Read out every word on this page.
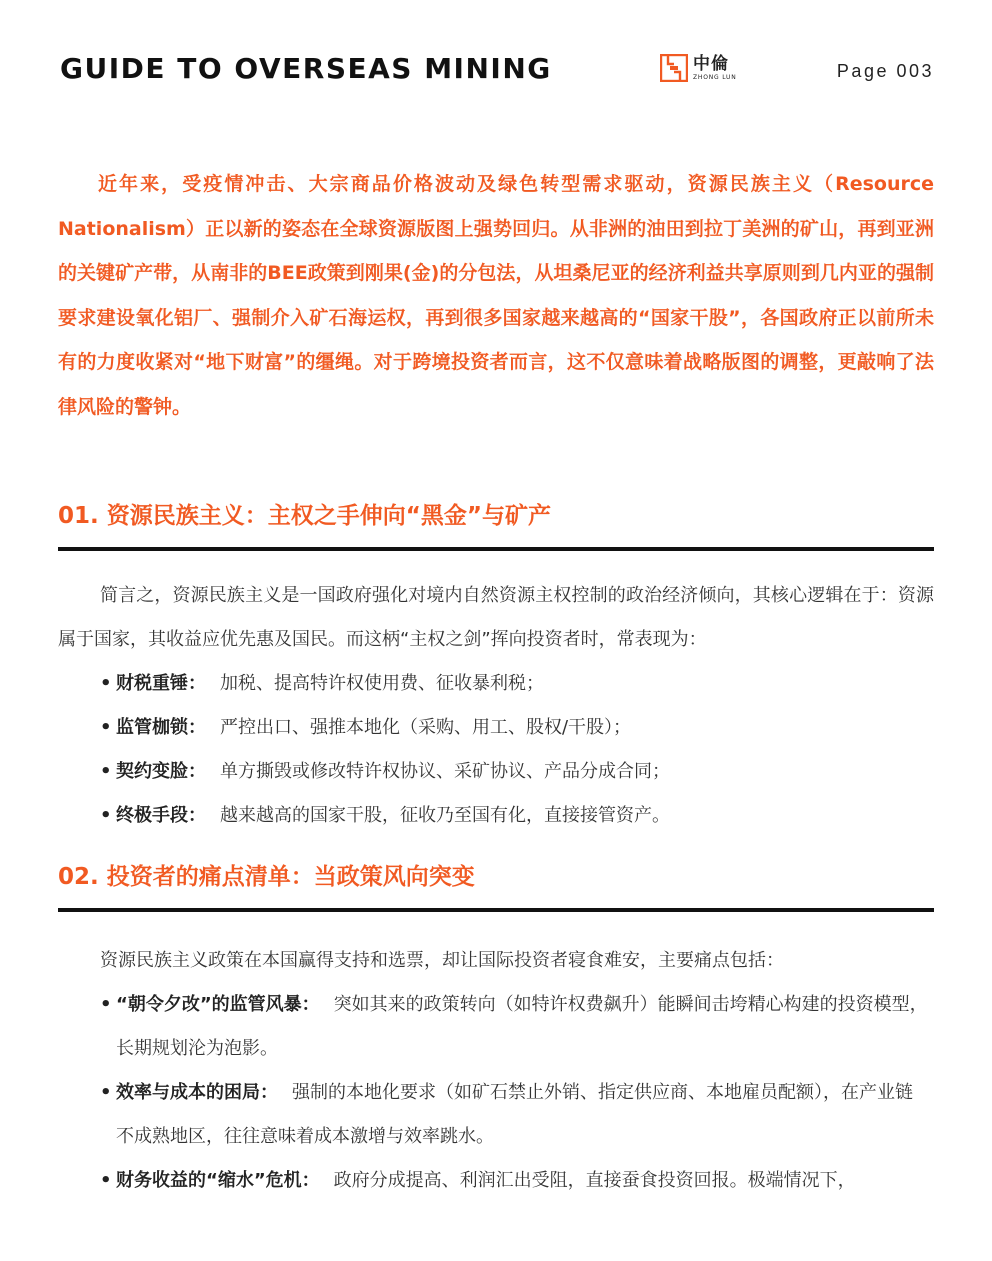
GUIDE TO OVERSEAS MINING	中倫
ZHONG LUN	Page 003
近年来，受疫情冲击、大宗商品价格波动及绿色转型需求驱动，资源民族主义（Resource Nationalism）正以新的姿态在全球资源版图上强势回归。从非洲的油田到拉丁美洲的矿山，再到亚洲的关键矿产带，从南非的BEE政策到刚果(金)的分包法，从坦桑尼亚的经济利益共享原则到几内亚的强制要求建设氧化铝厂、强制介入矿石海运权，再到很多国家越来越高的“国家干股”，各国政府正以前所未有的力度收紧对“地下财富”的缰绳。对于跨境投资者而言，这不仅意味着战略版图的调整，更敲响了法律风险的警钟。
01. 资源民族主义：主权之手伸向“黑金”与矿产
简言之，资源民族主义是一国政府强化对境内自然资源主权控制的政治经济倾向，其核心逻辑在于：资源属于国家，其收益应优先惠及国民。而这柄“主权之剑”挥向投资者时，常表现为：
• 财税重锤： 加税、提高特许权使用费、征收暴利税；
• 监管枷锁： 严控出口、强推本地化（采购、用工、股权/干股）；
• 契约变脸： 单方撕毁或修改特许权协议、采矿协议、产品分成合同；
• 终极手段： 越来越高的国家干股，征收乃至国有化，直接接管资产。
02. 投资者的痛点清单：当政策风向突变
资源民族主义政策在本国赢得支持和选票，却让国际投资者寝食难安，主要痛点包括：
• “朝令夕改”的监管风暴： 突如其来的政策转向（如特许权费飙升）能瞬间击垮精心构建的投资模型，长期规划沦为泡影。
• 效率与成本的困局： 强制的本地化要求（如矿石禁止外销、指定供应商、本地雇员配额），在产业链不成熟地区，往往意味着成本激增与效率跳水。
• 财务收益的“缩水”危机： 政府分成提高、利润汇出受阻，直接蚕食投资回报。极端情况下，
